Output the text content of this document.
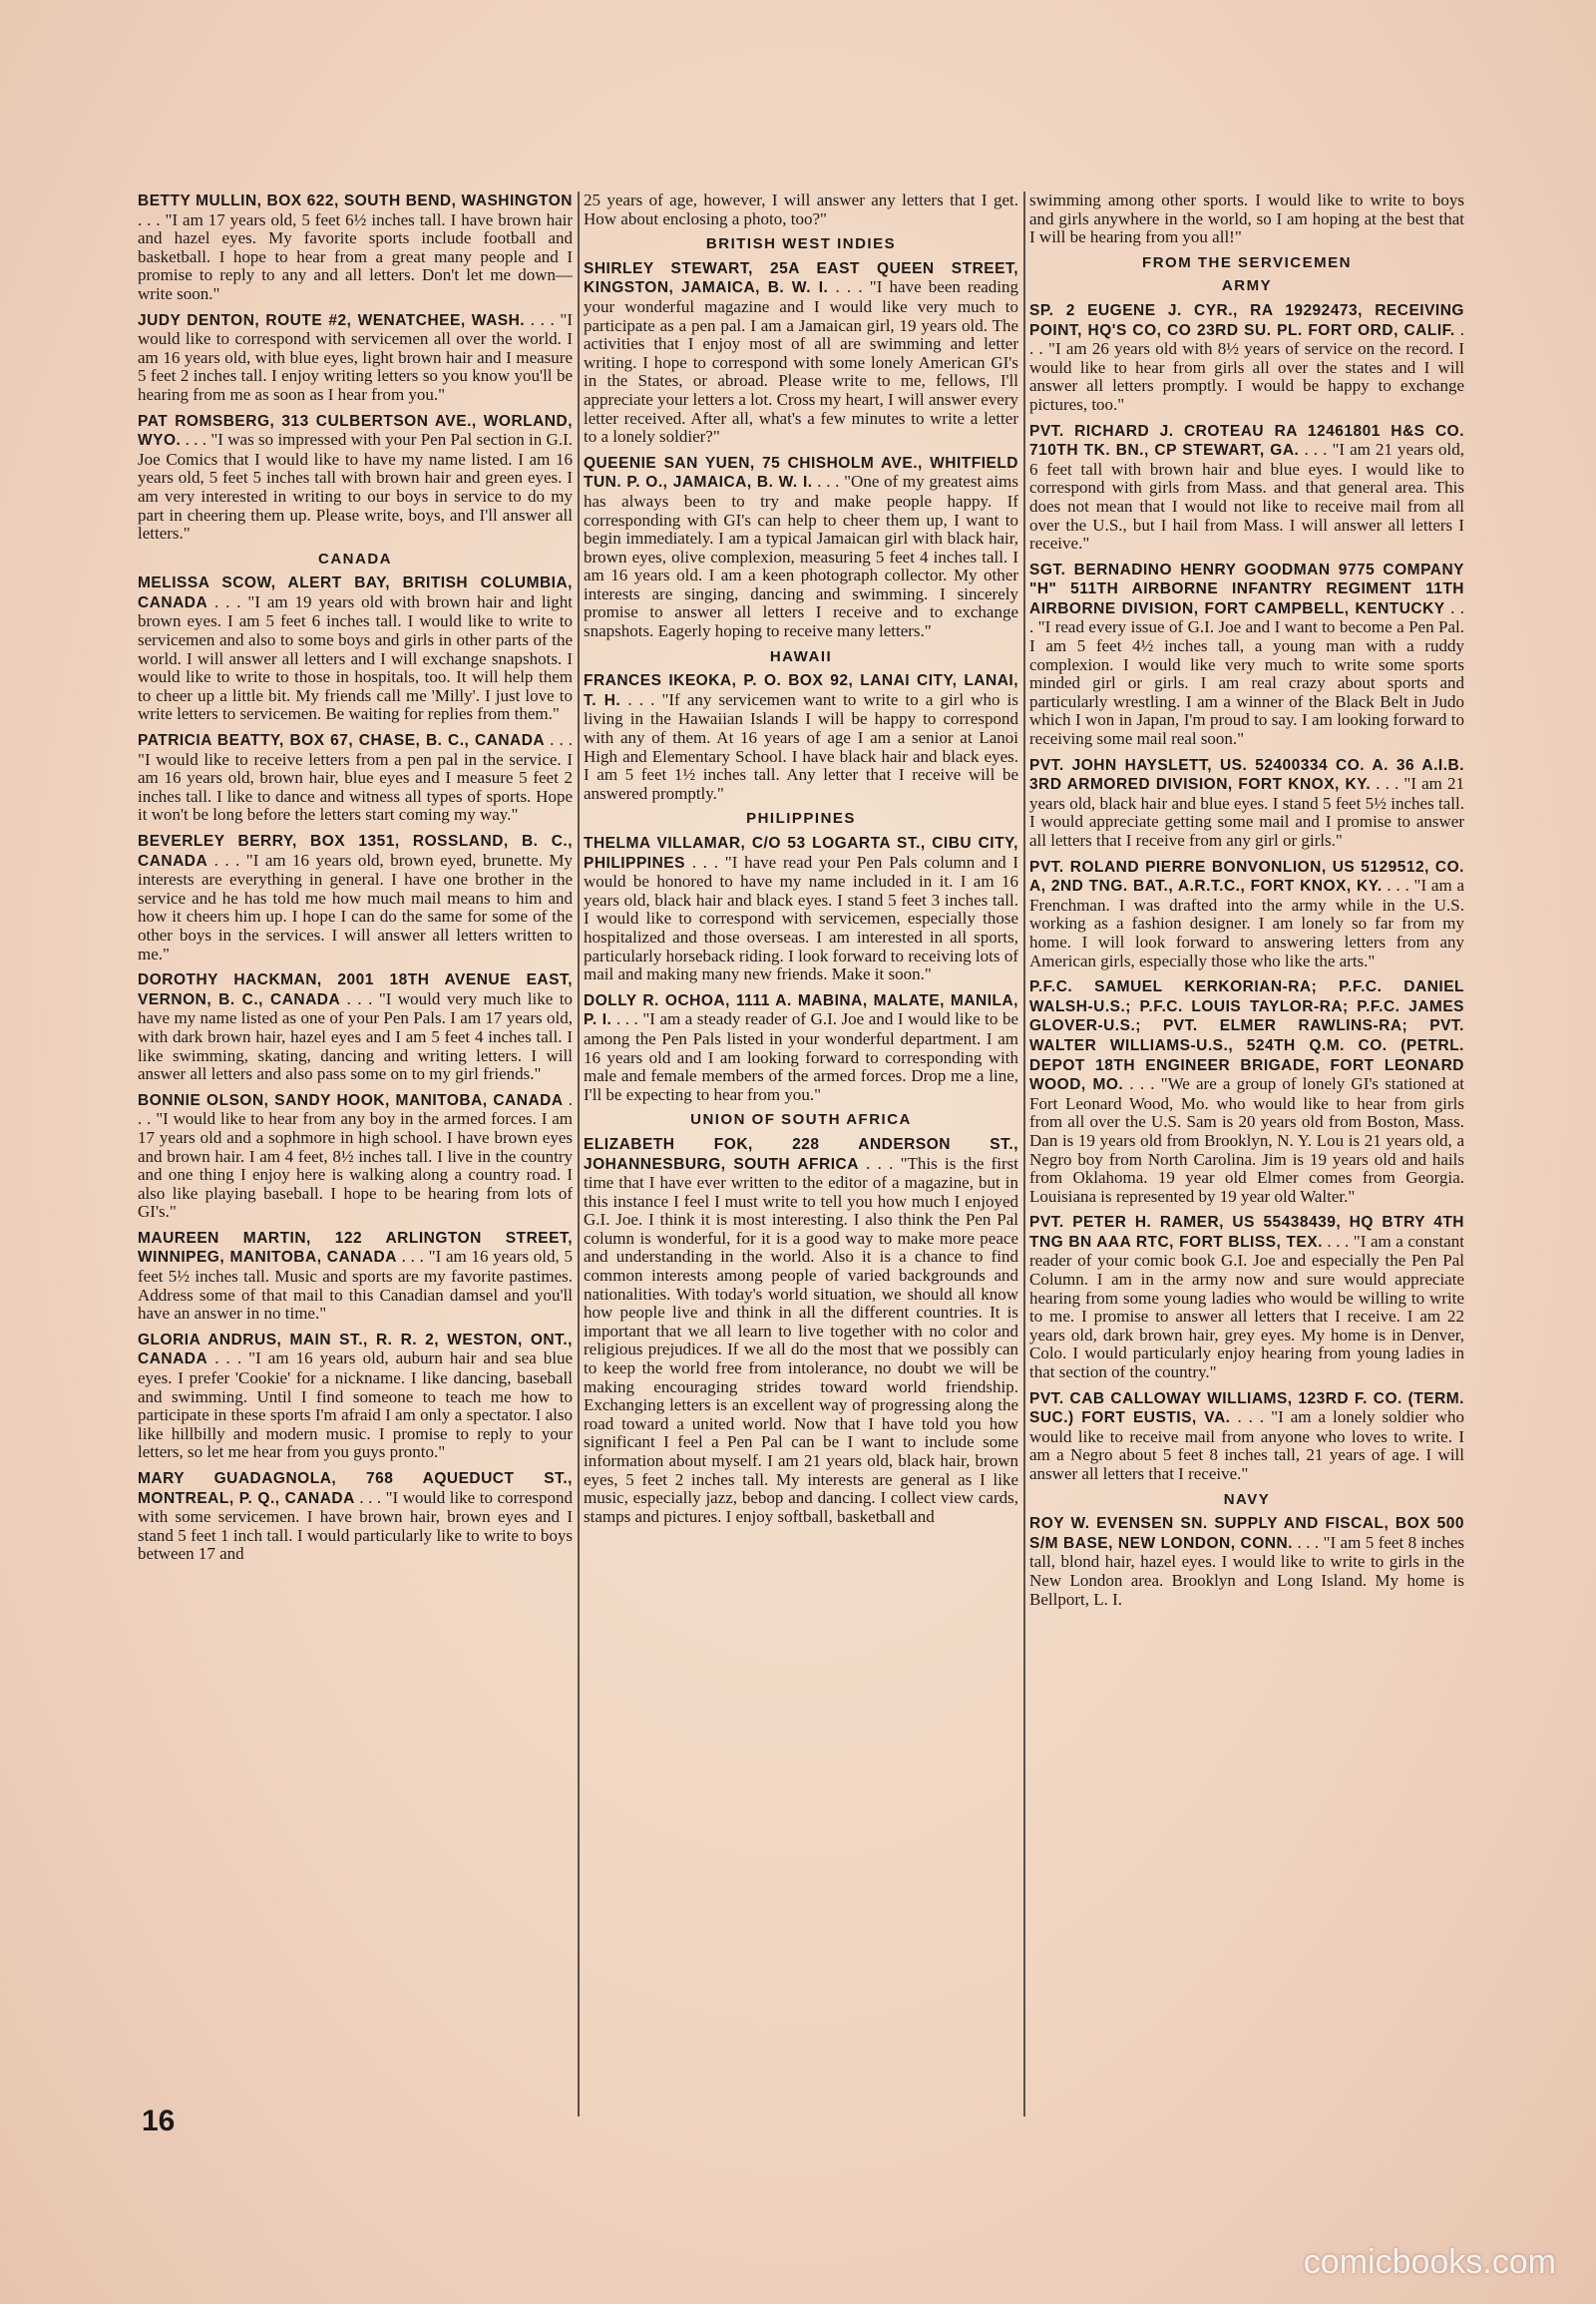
BETTY MULLIN, BOX 622, SOUTH BEND, WASHINGTON . . . "I am 17 years old, 5 feet 6½ inches tall. I have brown hair and hazel eyes. My favorite sports include football and basketball. I hope to hear from a great many people and I promise to reply to any and all letters. Don't let me down—write soon."
JUDY DENTON, ROUTE #2, WENATCHEE, WASH. . . . "I would like to correspond with servicemen all over the world. I am 16 years old, with blue eyes, light brown hair and I measure 5 feet 2 inches tall. I enjoy writing letters so you know you'll be hearing from me as soon as I hear from you."
PAT ROMSBERG, 313 CULBERTSON AVE., WORLAND, WYO. . . . "I was so impressed with your Pen Pal section in G.I. Joe Comics that I would like to have my name listed. I am 16 years old, 5 feet 5 inches tall with brown hair and green eyes. I am very interested in writing to our boys in service to do my part in cheering them up. Please write, boys, and I'll answer all letters."
CANADA
MELISSA SCOW, ALERT BAY, BRITISH COLUMBIA, CANADA . . . "I am 19 years old with brown hair and light brown eyes. I am 5 feet 6 inches tall. I would like to write to servicemen and also to some boys and girls in other parts of the world. I will answer all letters and I will exchange snapshots. I would like to write to those in hospitals, too. It will help them to cheer up a little bit. My friends call me 'Milly'. I just love to write letters to servicemen. Be waiting for replies from them."
PATRICIA BEATTY, BOX 67, CHASE, B. C., CANADA . . . "I would like to receive letters from a pen pal in the service. I am 16 years old, brown hair, blue eyes and I measure 5 feet 2 inches tall. I like to dance and witness all types of sports. Hope it won't be long before the letters start coming my way."
BEVERLEY BERRY, BOX 1351, ROSSLAND, B. C., CANADA . . . "I am 16 years old, brown eyed, brunette. My interests are everything in general. I have one brother in the service and he has told me how much mail means to him and how it cheers him up. I hope I can do the same for some of the other boys in the services. I will answer all letters written to me."
DOROTHY HACKMAN, 2001 18TH AVENUE EAST, VERNON, B. C., CANADA . . . "I would very much like to have my name listed as one of your Pen Pals. I am 17 years old, with dark brown hair, hazel eyes and I am 5 feet 4 inches tall. I like swimming, skating, dancing and writing letters. I will answer all letters and also pass some on to my girl friends."
BONNIE OLSON, SANDY HOOK, MANITOBA, CANADA . . . "I would like to hear from any boy in the armed forces. I am 17 years old and a sophmore in high school. I have brown eyes and brown hair. I am 4 feet, 8½ inches tall. I live in the country and one thing I enjoy here is walking along a country road. I also like playing baseball. I hope to be hearing from lots of GI's."
MAUREEN MARTIN, 122 ARLINGTON STREET, WINNIPEG, MANITOBA, CANADA . . . "I am 16 years old, 5 feet 5½ inches tall. Music and sports are my favorite pastimes. Address some of that mail to this Canadian damsel and you'll have an answer in no time."
GLORIA ANDRUS, MAIN ST., R. R. 2, WESTON, ONT., CANADA . . . "I am 16 years old, auburn hair and sea blue eyes. I prefer 'Cookie' for a nickname. I like dancing, baseball and swimming. Until I find someone to teach me how to participate in these sports I'm afraid I am only a spectator. I also like hillbilly and modern music. I promise to reply to your letters, so let me hear from you guys pronto."
MARY GUADAGNOLA, 768 AQUEDUCT ST., MONTREAL, P. Q., CANADA . . . "I would like to correspond with some servicemen. I have brown hair, brown eyes and I stand 5 feet 1 inch tall. I would particularly like to write to boys between 17 and
25 years of age, however, I will answer any letters that I get. How about enclosing a photo, too?"
BRITISH WEST INDIES
SHIRLEY STEWART, 25A EAST QUEEN STREET, KINGSTON, JAMAICA, B. W. I. . . . "I have been reading your wonderful magazine and I would like very much to participate as a pen pal. I am a Jamaican girl, 19 years old. The activities that I enjoy most of all are swimming and letter writing. I hope to correspond with some lonely American GI's in the States, or abroad. Please write to me, fellows, I'll appreciate your letters a lot. Cross my heart, I will answer every letter received. After all, what's a few minutes to write a letter to a lonely soldier?"
QUEENIE SAN YUEN, 75 CHISHOLM AVE., WHITFIELD TUN. P. O., JAMAICA, B. W. I. . . . "One of my greatest aims has always been to try and make people happy. If corresponding with GI's can help to cheer them up, I want to begin immediately. I am a typical Jamaican girl with black hair, brown eyes, olive complexion, measuring 5 feet 4 inches tall. I am 16 years old. I am a keen photograph collector. My other interests are singing, dancing and swimming. I sincerely promise to answer all letters I receive and to exchange snapshots. Eagerly hoping to receive many letters."
HAWAII
FRANCES IKEOKA, P. O. BOX 92, LANAI CITY, LANAI, T. H. . . . "If any servicemen want to write to a girl who is living in the Hawaiian Islands I will be happy to correspond with any of them. At 16 years of age I am a senior at Lanoi High and Elementary School. I have black hair and black eyes. I am 5 feet 1½ inches tall. Any letter that I receive will be answered promptly."
PHILIPPINES
THELMA VILLAMAR, C/O 53 LOGARTA ST., CIBU CITY, PHILIPPINES . . . "I have read your Pen Pals column and I would be honored to have my name included in it. I am 16 years old, black hair and black eyes. I stand 5 feet 3 inches tall. I would like to correspond with servicemen, especially those hospitalized and those overseas. I am interested in all sports, particularly horseback riding. I look forward to receiving lots of mail and making many new friends. Make it soon."
DOLLY R. OCHOA, 1111 A. MABINA, MALATE, MANILA, P. I. . . . "I am a steady reader of G.I. Joe and I would like to be among the Pen Pals listed in your wonderful department. I am 16 years old and I am looking forward to corresponding with male and female members of the armed forces. Drop me a line, I'll be expecting to hear from you."
UNION OF SOUTH AFRICA
ELIZABETH FOK, 228 ANDERSON ST., JOHANNESBURG, SOUTH AFRICA . . . "This is the first time that I have ever written to the editor of a magazine, but in this instance I feel I must write to tell you how much I enjoyed G.I. Joe. I think it is most interesting. I also think the Pen Pal column is wonderful, for it is a good way to make more peace and understanding in the world. Also it is a chance to find common interests among people of varied backgrounds and nationalities. With today's world situation, we should all know how people live and think in all the different countries. It is important that we all learn to live together with no color and religious prejudices. If we all do the most that we possibly can to keep the world free from intolerance, no doubt we will be making encouraging strides toward world friendship. Exchanging letters is an excellent way of progressing along the road toward a united world. Now that I have told you how significant I feel a Pen Pal can be I want to include some information about myself. I am 21 years old, black hair, brown eyes, 5 feet 2 inches tall. My interests are general as I like music, especially jazz, bebop and dancing. I collect view cards, stamps and pictures. I enjoy softball, basketball and
swimming among other sports. I would like to write to boys and girls anywhere in the world, so I am hoping at the best that I will be hearing from you all!"
FROM THE SERVICEMEN
ARMY
SP. 2 EUGENE J. CYR., RA 19292473, RECEIVING POINT, HQ'S CO, CO 23RD SU. PL. FORT ORD, CALIF. . . . "I am 26 years old with 8½ years of service on the record. I would like to hear from girls all over the states and I will answer all letters promptly. I would be happy to exchange pictures, too."
PVT. RICHARD J. CROTEAU RA 12461801 H&S CO. 710TH TK. BN., CP STEWART, GA. . . . "I am 21 years old, 6 feet tall with brown hair and blue eyes. I would like to correspond with girls from Mass. and that general area. This does not mean that I would not like to receive mail from all over the U.S., but I hail from Mass. I will answer all letters I receive."
SGT. BERNADINO HENRY GOODMAN 9775 COMPANY "H" 511TH AIRBORNE INFANTRY REGIMENT 11TH AIRBORNE DIVISION, FORT CAMPBELL, KENTUCKY . . . "I read every issue of G.I. Joe and I want to become a Pen Pal. I am 5 feet 4½ inches tall, a young man with a ruddy complexion. I would like very much to write some sports minded girl or girls. I am real crazy about sports and particularly wrestling. I am a winner of the Black Belt in Judo which I won in Japan, I'm proud to say. I am looking forward to receiving some mail real soon."
PVT. JOHN HAYSLETT, US. 52400334 CO. A. 36 A.I.B. 3RD ARMORED DIVISION, FORT KNOX, KY. . . . "I am 21 years old, black hair and blue eyes. I stand 5 feet 5½ inches tall. I would appreciate getting some mail and I promise to answer all letters that I receive from any girl or girls."
PVT. ROLAND PIERRE BONVONLION, US 5129512, CO. A, 2ND TNG. BAT., A.R.T.C., FORT KNOX, KY. . . . "I am a Frenchman. I was drafted into the army while in the U.S. working as a fashion designer. I am lonely so far from my home. I will look forward to answering letters from any American girls, especially those who like the arts."
P.F.C. SAMUEL KERKORIAN-RA; P.F.C. DANIEL WALSH-U.S.; P.F.C. LOUIS TAYLOR-RA; P.F.C. JAMES GLOVER-U.S.; PVT. ELMER RAWLINS-RA; PVT. WALTER WILLIAMS-U.S., 524TH Q.M. CO. (PETRL. DEPOT 18TH ENGINEER BRIGADE, FORT LEONARD WOOD, MO. . . . "We are a group of lonely GI's stationed at Fort Leonard Wood, Mo. who would like to hear from girls from all over the U.S. Sam is 20 years old from Boston, Mass. Dan is 19 years old from Brooklyn, N. Y. Lou is 21 years old, a Negro boy from North Carolina. Jim is 19 years old and hails from Oklahoma. 19 year old Elmer comes from Georgia. Louisiana is represented by 19 year old Walter."
PVT. PETER H. RAMER, US 55438439, HQ BTRY 4TH TNG BN AAA RTC, FORT BLISS, TEX. . . . "I am a constant reader of your comic book G.I. Joe and especially the Pen Pal Column. I am in the army now and sure would appreciate hearing from some young ladies who would be willing to write to me. I promise to answer all letters that I receive. I am 22 years old, dark brown hair, grey eyes. My home is in Denver, Colo. I would particularly enjoy hearing from young ladies in that section of the country."
PVT. CAB CALLOWAY WILLIAMS, 123RD F. CO. (TERM. SUC.) FORT EUSTIS, VA. . . . "I am a lonely soldier who would like to receive mail from anyone who loves to write. I am a Negro about 5 feet 8 inches tall, 21 years of age. I will answer all letters that I receive."
NAVY
ROY W. EVENSEN SN. SUPPLY AND FISCAL, BOX 500 S/M BASE, NEW LONDON, CONN. . . . "I am 5 feet 8 inches tall, blond hair, hazel eyes. I would like to write to girls in the New London area. Brooklyn and Long Island. My home is Bellport, L. I.
16
comicbooks.com
